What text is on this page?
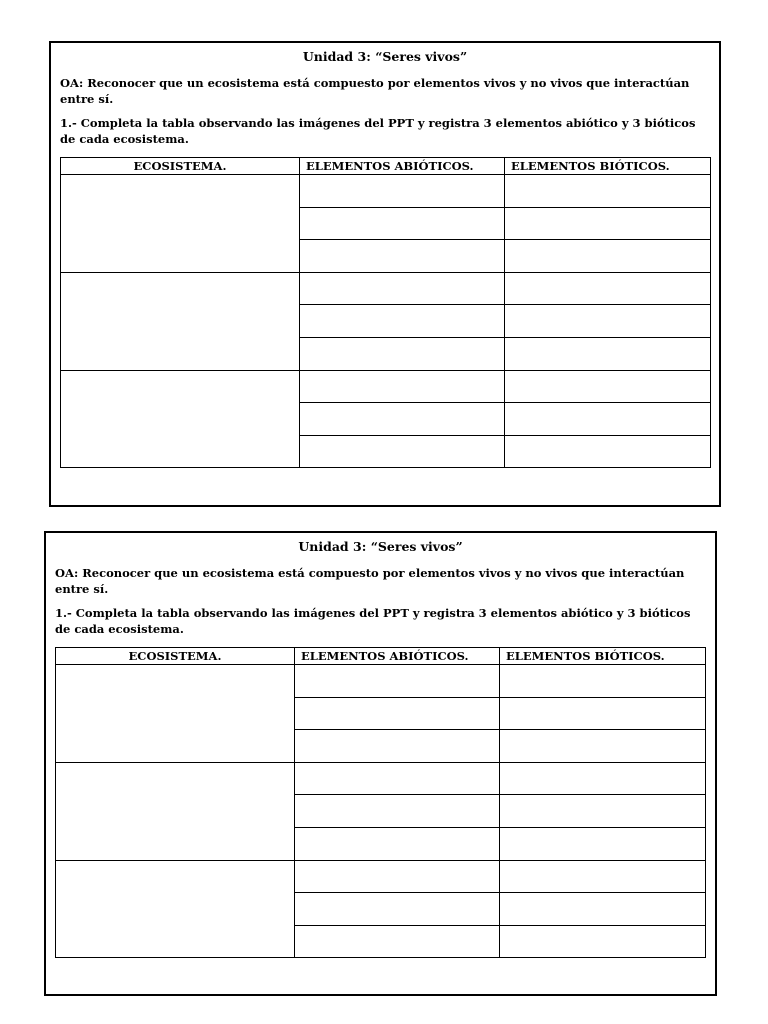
Unidad 3: “Seres vivos”
OA: Reconocer que un ecosistema está compuesto por elementos vivos y no vivos que interactúan entre sí.
1.- Completa la tabla observando las imágenes del PPT y registra 3 elementos abiótico y 3 bióticos de cada ecosistema.
ECOSISTEMA.	ELEMENTOS ABIÓTICOS.	ELEMENTOS BIÓTICOS.

Unidad 3: “Seres vivos”
OA: Reconocer que un ecosistema está compuesto por elementos vivos y no vivos que interactúan entre sí.
1.- Completa la tabla observando las imágenes del PPT y registra 3 elementos abiótico y 3 bióticos de cada ecosistema.
ECOSISTEMA.	ELEMENTOS ABIÓTICOS.	ELEMENTOS BIÓTICOS.
